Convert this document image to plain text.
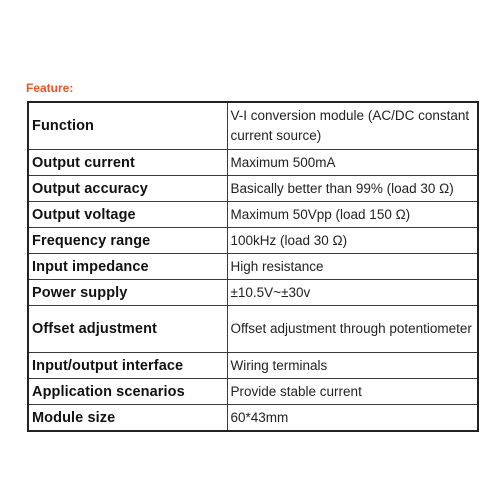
Feature:
Function	V-I conversion module (AC/DC constant current source)
Output current	Maximum 500mA
Output accuracy	Basically better than 99% (load 30 Ω)
Output voltage	Maximum 50Vpp (load 150 Ω)
Frequency range	100kHz (load 30 Ω)
Input impedance	High resistance
Power supply	±10.5V~±30v
Offset adjustment	Offset adjustment through potentiometer
Input/output interface	Wiring terminals
Application scenarios	Provide stable current
Module size	60*43mm
